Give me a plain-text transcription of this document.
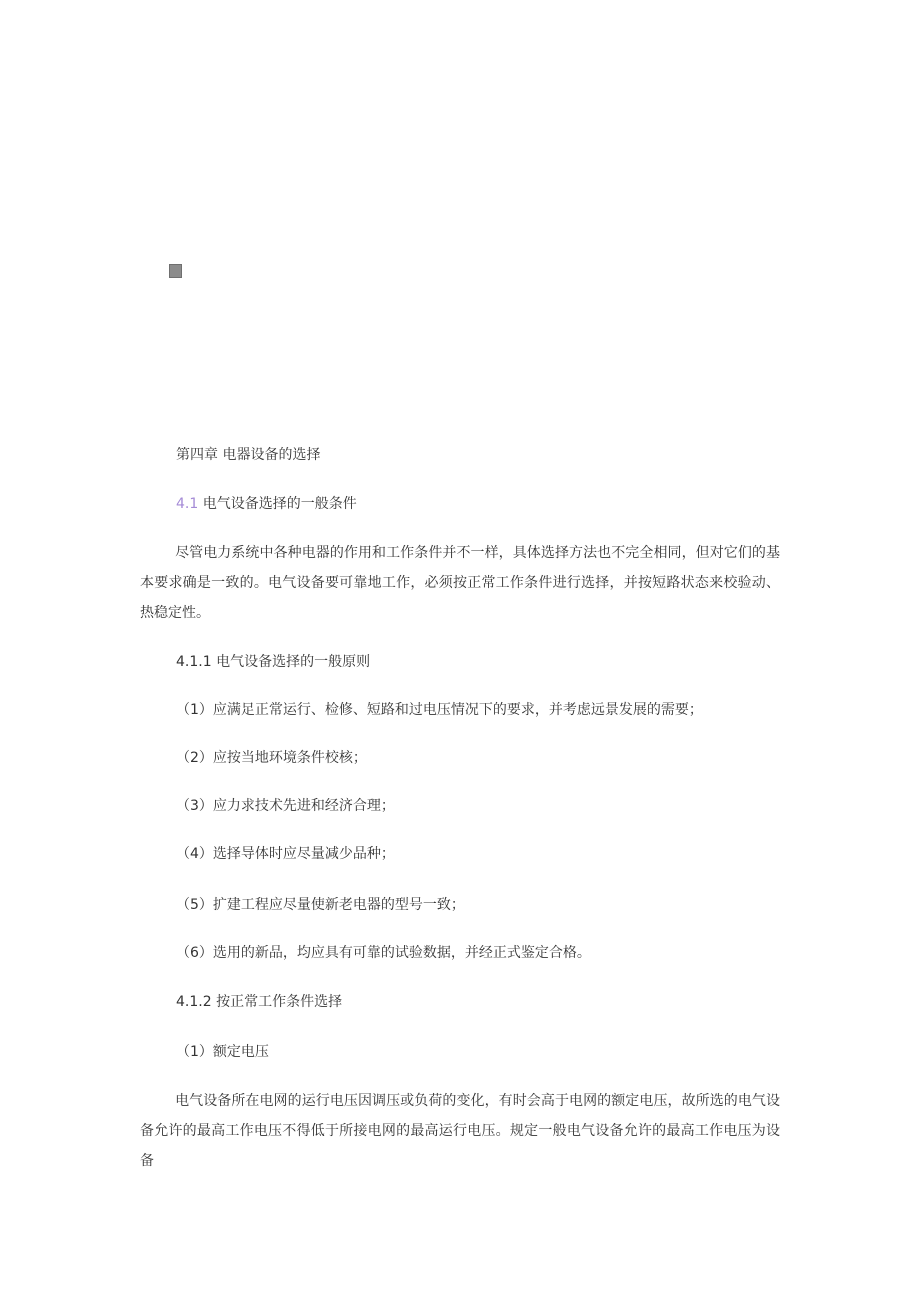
第四章 电器设备的选择
4.1 电气设备选择的一般条件
尽管电力系统中各种电器的作用和工作条件并不一样，具体选择方法也不完全相同，但对它们的基本要求确是一致的。电气设备要可靠地工作，必须按正常工作条件进行选择，并按短路状态来校验动、热稳定性。
4.1.1 电气设备选择的一般原则
（1）应满足正常运行、检修、短路和过电压情况下的要求，并考虑远景发展的需要；
（2）应按当地环境条件校核；
（3）应力求技术先进和经济合理；
（4）选择导体时应尽量减少品种；
（5）扩建工程应尽量使新老电器的型号一致；
（6）选用的新品，均应具有可靠的试验数据，并经正式鉴定合格。
4.1.2 按正常工作条件选择
（1）额定电压
电气设备所在电网的运行电压因调压或负荷的变化，有时会高于电网的额定电压，故所选的电气设备允许的最高工作电压不得低于所接电网的最高运行电压。规定一般电气设备允许的最高工作电压为设备
